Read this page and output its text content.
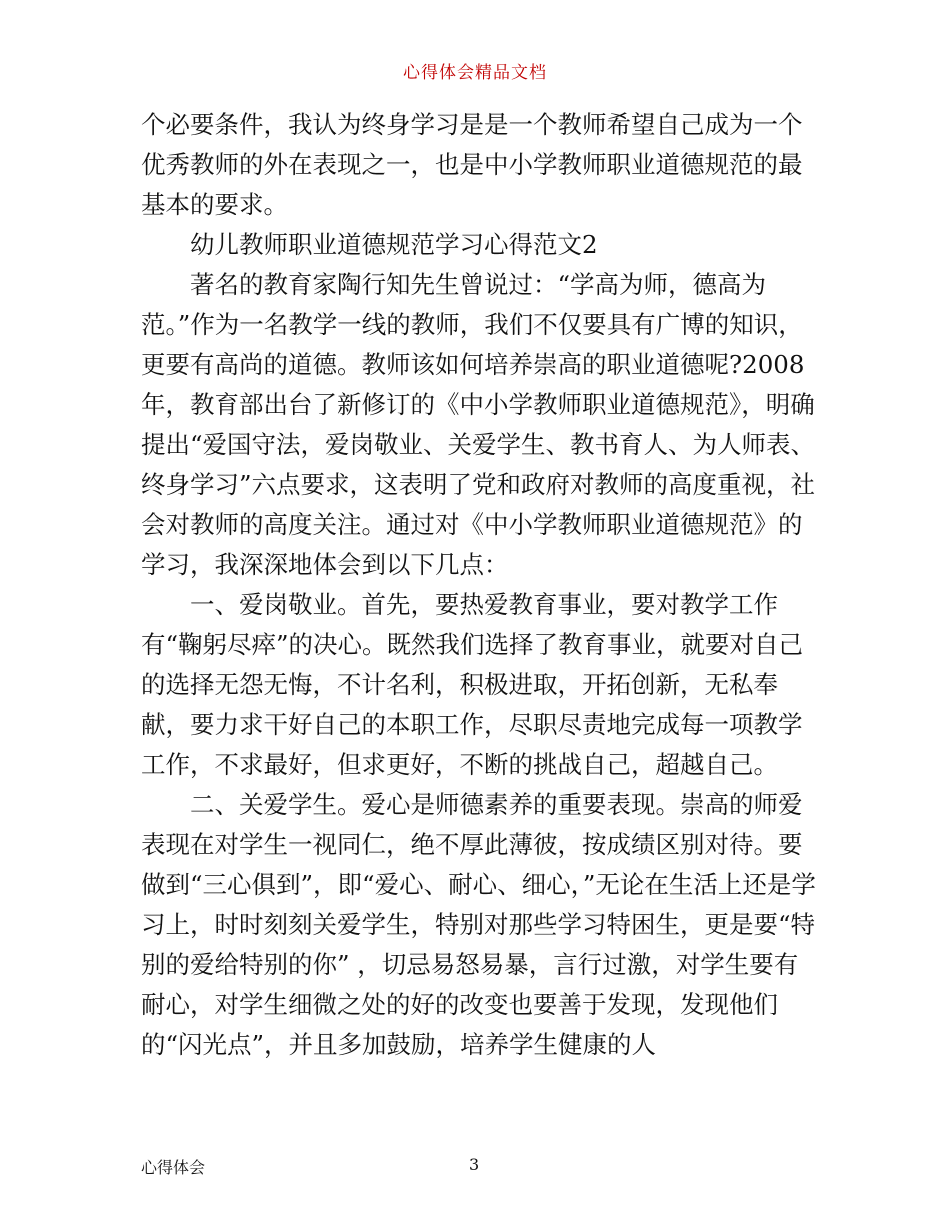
心得体会精品文档

个必要条件，我认为终身学习是是一个教师希望自己成为一个优秀教师的外在表现之一，也是中小学教师职业道德规范的最基本的要求。

幼儿教师职业道德规范学习心得范文2

著名的教育家陶行知先生曾说过：“学高为师，德高为范。”作为一名教学一线的教师，我们不仅要具有广博的知识，更要有高尚的道德。教师该如何培养崇高的职业道德呢?2008年，教育部出台了新修订的《中小学教师职业道德规范》，明确提出“爱国守法，爱岗敬业、关爱学生、教书育人、为人师表、终身学习”六点要求，这表明了党和政府对教师的高度重视，社会对教师的高度关注。通过对《中小学教师职业道德规范》的学习，我深深地体会到以下几点：

一、爱岗敬业。首先，要热爱教育事业，要对教学工作有“鞠躬尽瘁”的决心。既然我们选择了教育事业，就要对自己的选择无怨无悔，不计名利，积极进取，开拓创新，无私奉献，要力求干好自己的本职工作，尽职尽责地完成每一项教学工作，不求最好，但求更好，不断的挑战自己，超越自己。

二、关爱学生。爱心是师德素养的重要表现。崇高的师爱表现在对学生一视同仁，绝不厚此薄彼，按成绩区别对待。要做到“三心俱到”，即“爱心、耐心、细心，”无论在生活上还是学习上，时时刻刻关爱学生，特别对那些学习特困生，更是要“特别的爱给特别的你” ，切忌易怒易暴，言行过激，对学生要有耐心，对学生细微之处的好的改变也要善于发现，发现他们的“闪光点”，并且多加鼓励，培养学生健康的人

心得体会	3
